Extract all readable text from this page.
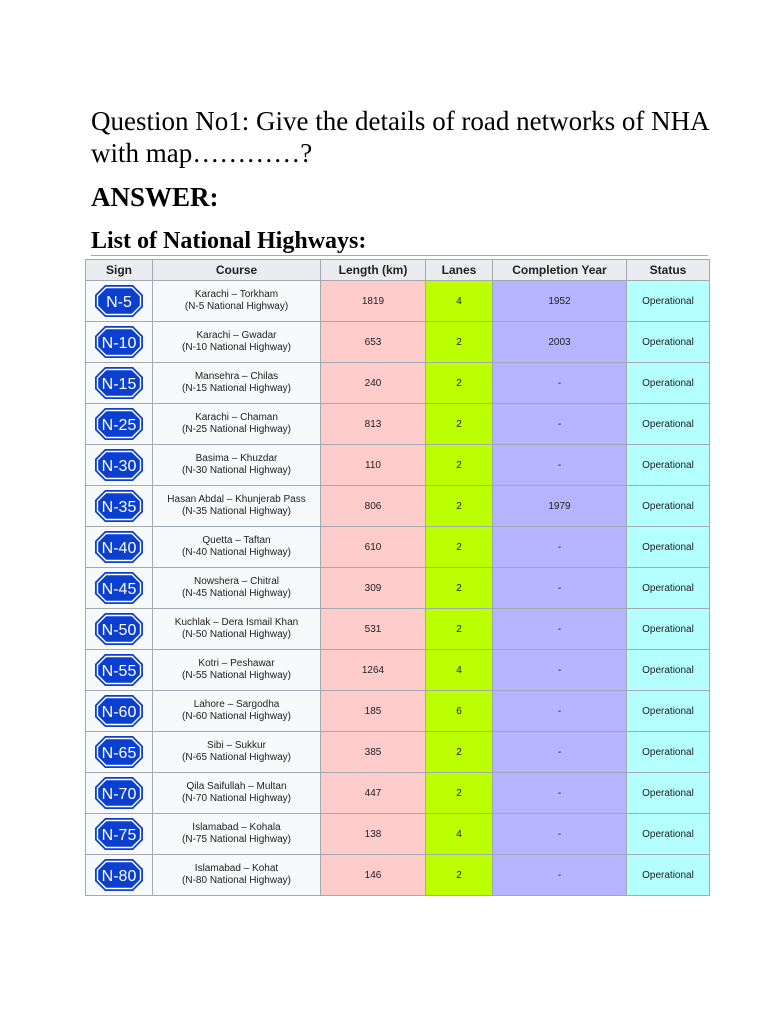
Question No1: Give the details of road networks of NHA with map…………?

ANSWER:
List of National Highways:
Sign	Course	Length (km)	Lanes	Completion Year	Status

N-5	Karachi – Torkham
(N-5 National Highway)	1819	4	1952	Operational

N-10	Karachi – Gwadar
(N-10 National Highway)	653	2	2003	Operational

N-15	Mansehra – Chilas
(N-15 National Highway)	240	2	-	Operational

N-25	Karachi – Chaman
(N-25 National Highway)	813	2	-	Operational

N-30	Basima – Khuzdar
(N-30 National Highway)	110	2	-	Operational

N-35	Hasan Abdal – Khunjerab Pass
(N-35 National Highway)	806	2	1979	Operational

N-40	Quetta – Taftan
(N-40 National Highway)	610	2	-	Operational

N-45	Nowshera – Chitral
(N-45 National Highway)	309	2	-	Operational

N-50	Kuchlak – Dera Ismail Khan
(N-50 National Highway)	531	2	-	Operational

N-55	Kotri – Peshawar
(N-55 National Highway)	1264	4	-	Operational

N-60	Lahore – Sargodha
(N-60 National Highway)	185	6	-	Operational

N-65	Sibi – Sukkur
(N-65 National Highway)	385	2	-	Operational

N-70	Qila Saifullah – Multan
(N-70 National Highway)	447	2	-	Operational

N-75	Islamabad – Kohala
(N-75 National Highway)	138	4	-	Operational

N-80	Islamabad – Kohat
(N-80 National Highway)	146	2	-	Operational
